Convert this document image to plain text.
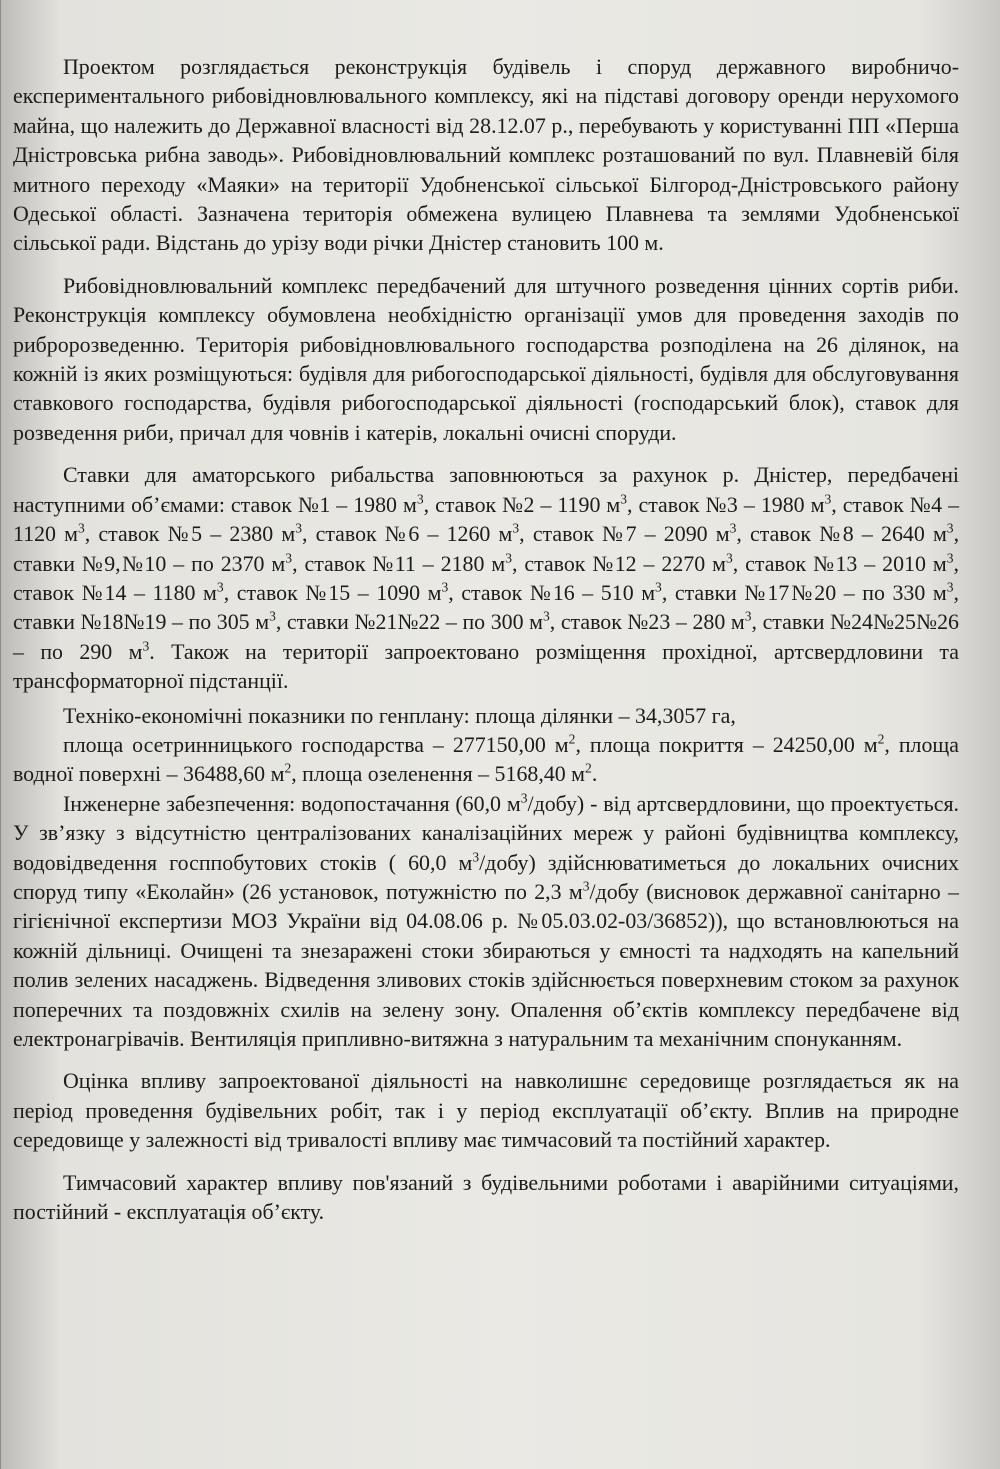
Проектом розглядається реконструкція будівель і споруд державного виробничо-експериментального рибовідновлювального комплексу, які на підставі договору оренди нерухомого майна, що належить до Державної власності від 28.12.07 р., перебувають у користуванні ПП «Перша Дністровська рибна заводь». Рибовідновлювальний комплекс розташований по вул. Плавневій біля митного переходу «Маяки» на території Удобненської сільської Білгород-Дністровського району Одеської області. Зазначена територія обмежена вулицею Плавнева та землями Удобненської сільської ради. Відстань до урізу води річки Дністер становить 100 м.

Рибовідновлювальний комплекс передбачений для штучного розведення цінних сортів риби. Реконструкція комплексу обумовлена необхідністю організації умов для проведення заходів по рибророзведенню. Територія рибовідновлювального господарства розподілена на 26 ділянок, на кожній із яких розміщуються: будівля для рибогосподарської діяльності, будівля для обслуговування ставкового господарства, будівля рибогосподарської діяльності (господарський блок), ставок для розведення риби, причал для човнів і катерів, локальні очисні споруди.

Ставки для аматорського рибальства заповнюються за рахунок р. Дністер, передбачені наступними об’ємами: ставок №1 – 1980 $м^3$, ставок №2 – 1190 $м^3$, ставок №3 – 1980 $м^3$, ставок №4 – 1120 $м^3$, ставок №5 – 2380 $м^3$, ставок №6 – 1260 $м^3$, ставок №7 – 2090 $м^3$, ставок №8 – 2640 $м^3$, ставки №9,№10 – по 2370 $м^3$, ставок №11 – 2180 $м^3$, ставок №12 – 2270 $м^3$, ставок №13 – 2010 $м^3$, ставок №14 – 1180 $м^3$, ставок №15 – 1090 $м^3$, ставок №16 – 510 $м^3$, ставки №17№20 – по 330 $м^3$, ставки №18№19 – по 305 $м^3$, ставки №21№22 – по 300 $м^3$, ставок №23 – 280 $м^3$, ставки №24№25№26 – по 290 $м^3$. Також на території запроектовано розміщення прохідної, артсвердловини та трансформаторної підстанції.

Техніко-економічні показники по генплану: площа ділянки – 34,3057 га,

площа осетринницького господарства – 277150,00 $м^2$, площа покриття – 24250,00 $м^2$, площа водної поверхні – 36488,60 $м^2$, площа озеленення – 5168,40 $м^2$.

Інженерне забезпечення: водопостачання (60,0 $м^3/добу$) - від артсвердловини, що проектується. У зв’язку з відсутністю централізованих каналізаційних мереж у районі будівництва комплексу, водовідведення госппобутових стоків ( 60,0 $м^3/добу$) здійснюватиметься до локальних очисних споруд типу «Еколайн» (26 установок, потужністю по 2,3 $м^3$/добу (висновок державної санітарно – гігієнічної експертизи МОЗ України від 04.08.06 р. №05.03.02-03/36852)), що встановлюються на кожній дільниці. Очищені та знезаражені стоки збираються у ємності та надходять на капельний полив зелених насаджень. Відведення зливових стоків здійснюється поверхневим стоком за рахунок поперечних та поздовжніх схилів на зелену зону. Опалення об’єктів комплексу передбачене від електронагрівачів. Вентиляція припливно-витяжна з натуральним та механічним спонуканням.

Оцінка впливу запроектованої діяльності на навколишнє середовище розглядається як на період проведення будівельних робіт, так і у період експлуатації об’єкту. Вплив на природне середовище у залежності від тривалості впливу має тимчасовий та постійний характер.

Тимчасовий характер впливу пов'язаний з будівельними роботами і аварійними ситуаціями, постійний - експлуатація об’єкту.
